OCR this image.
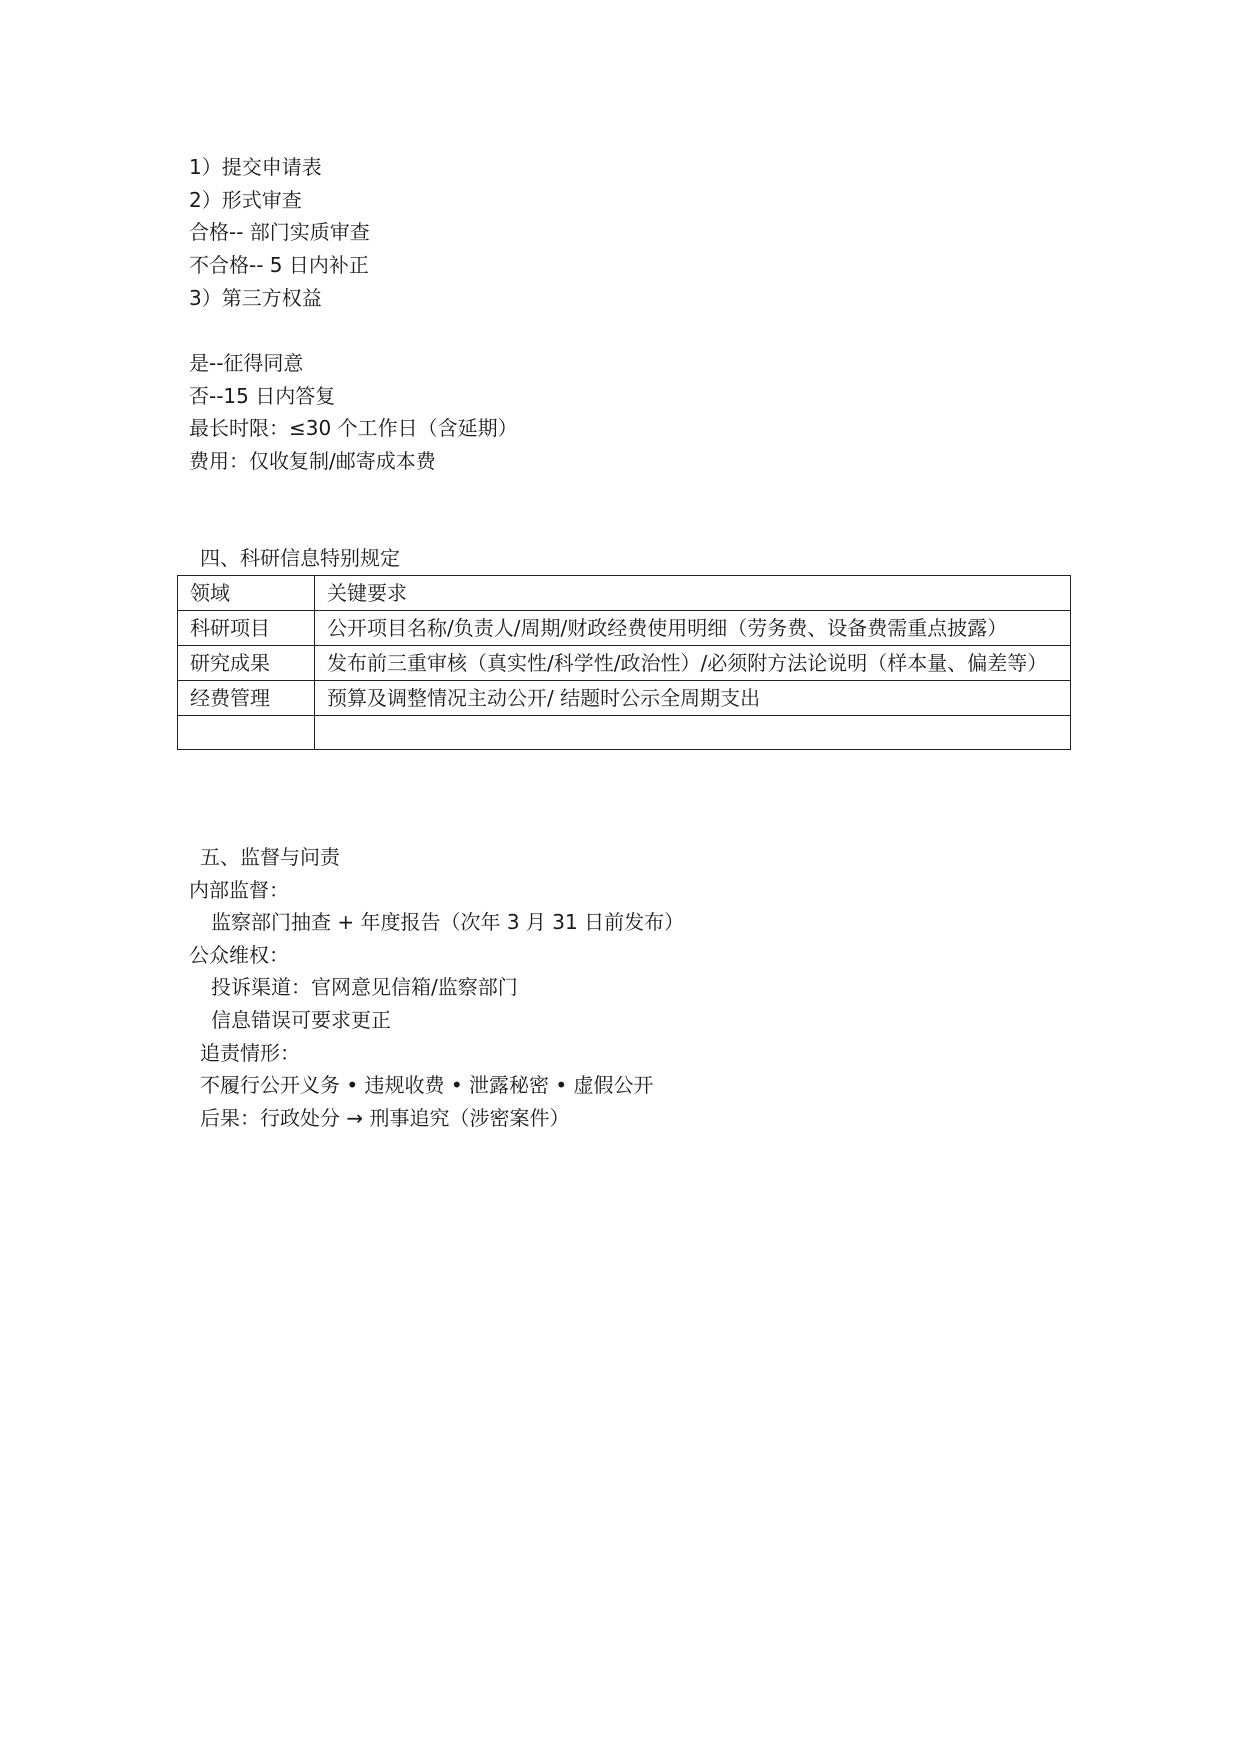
1）提交申请表
2）形式审查
合格-- 部门实质审查
不合格-- 5 日内补正
3）第三方权益
是--征得同意
否--15 日内答复
最长时限：≤30 个工作日（含延期）
费用：仅收复制/邮寄成本费
四、科研信息特别规定
领域	关键要求
科研项目	公开项目名称/负责人/周期/财政经费使用明细（劳务费、设备费需重点披露）
研究成果	发布前三重审核（真实性/科学性/政治性）/必须附方法论说明（样本量、偏差等）
经费管理	预算及调整情况主动公开/ 结题时公示全周期支出

五、监督与问责
内部监督：
监察部门抽查 + 年度报告（次年 3 月 31 日前发布）
公众维权：
投诉渠道：官网意见信箱/监察部门
信息错误可要求更正
追责情形：
不履行公开义务 • 违规收费 • 泄露秘密 • 虚假公开
后果：行政处分 → 刑事追究（涉密案件）
